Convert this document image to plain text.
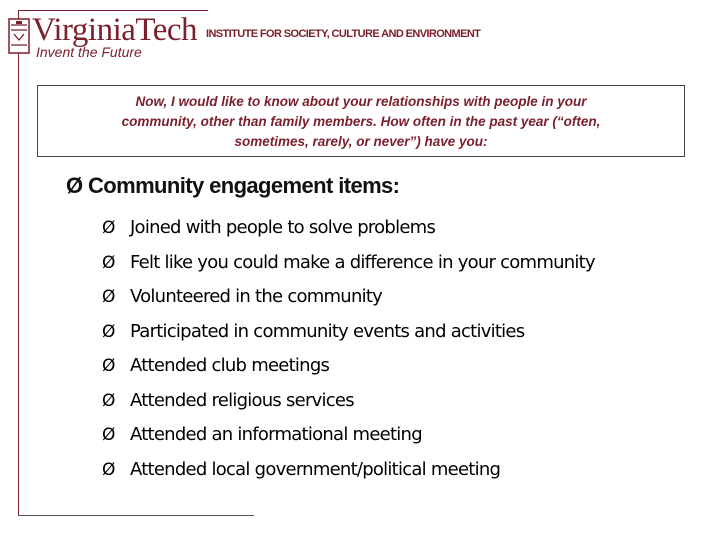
VirginiaTech
Invent the Future
INSTITUTE FOR SOCIETY, CULTURE AND ENVIRONMENT
Now, I would like to know about your relationships with people in your
community, other than family members. How often in the past year (“often,
sometimes, rarely, or never”) have you:
Ø Community engagement items:
Ø Joined with people to solve problems
Ø Felt like you could make a difference in your community
Ø Volunteered in the community
Ø Participated in community events and activities
Ø Attended club meetings
Ø Attended religious services
Ø Attended an informational meeting
Ø Attended local government/political meeting
